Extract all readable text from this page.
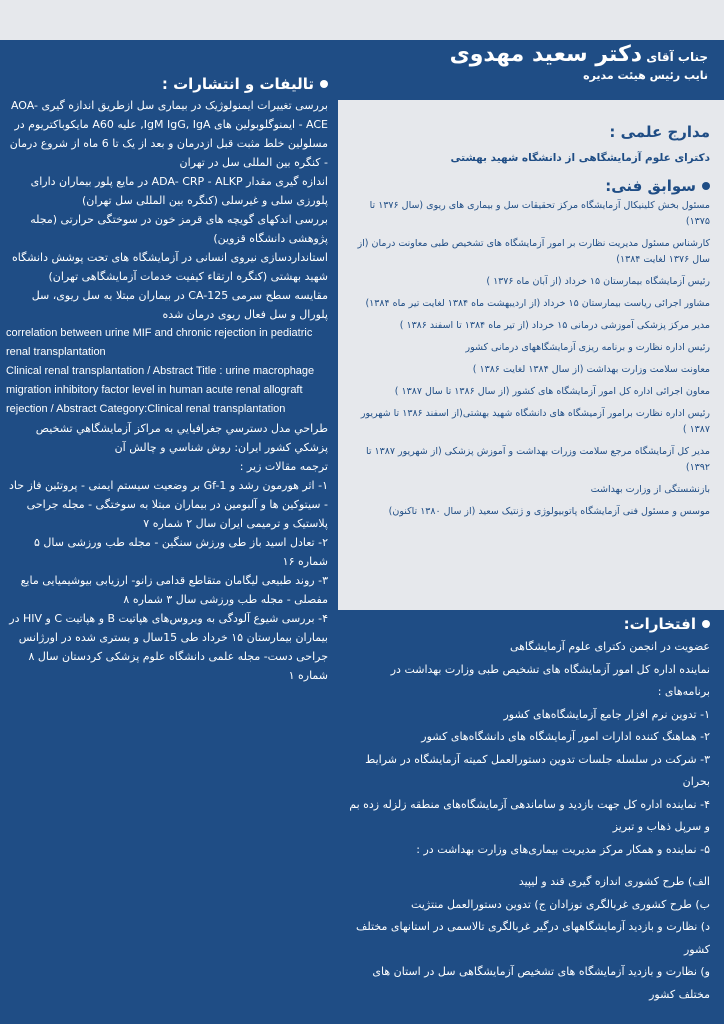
جناب آقای دکتر سعید مهدوی
نایب رئیس هیئت مدیره
تالیفات و انتشارات :

بررسی تغییرات ایمنولوژیک در بیماری سل ازطریق اندازه گیری AOA-ACE - ایمنوگلوبولین های IgM IgG, IgA, علیه A60 مایکوباکتریوم در مسلولین خلط مثبت قبل ازدرمان و بعد از یک تا 6 ماه از شروع درمان - کنگره بین المللی سل در تهران

اندازه گیری مقدار ADA- CRP - ALKP در مایع پلور بیماران دارای پلورزی سلی و غیرسلی (کنگره بین المللی سل تهران)

بررسی اندکهای گویچه های قرمز خون در سوختگی حرارتی (مجله پژوهشی دانشگاه قزوین)

استانداردسازی نیروی انسانی در آزمایشگاه های تحت پوشش دانشگاه شهید بهشتی (کنگره ارتقاء کیفیت خدمات آزمایشگاهی تهران)

مقایسه سطح سرمی CA-125 در بیماران مبتلا به سل ریوی، سل پلورال و سل فعال ریوی درمان شده

correlation between urine MIF and chronic rejection in pediatric renal transplantation

Clinical renal transplantation / Abstract Title : urine macrophage migration inhibitory factor level in human acute renal allograft rejection / Abstract Category:Clinical renal transplantation

طراحي مدل دسترسي جغرافيايي به مراكز آزمايشگاهي تشخيص پزشكي كشور ايران: روش شناسي و چالش آن

ترجمه مقالات زیر :

۱- اثر هورمون رشد و Gf-1 بر وضعیت سیستم ایمنی - پروتئین فاز حاد - سیتوکین ها و آلبومین در بیماران مبتلا به سوختگی - مجله جراحی پلاستیک و ترمیمی ایران سال ۲ شماره ۷

۲- تعادل اسید باز طی ورزش سنگین - مجله طب ورزشی سال ۵ شماره ۱۶

۳- روند طبیعی لیگامان متقاطع قدامی زانو- ارزیابی بیوشیمیایی مایع مفصلی - مجله طب ورزشی سال ۳ شماره ۸

۴- بررسی شیوع آلودگی به ویروس‌های هپاتیت B و هپاتیت C و HIV در بیماران بیمارستان ۱۵ خرداد طی 15سال و بستری شده در اورژانس جراحی دست- مجله علمی دانشگاه علوم پزشکی کردستان سال ۸ شماره ۱

مدارج علمی :
دکترای علوم آزمایشگاهی از دانشگاه شهید بهشتی
سوابق فنی:

مسئول بخش کلینیکال آزمایشگاه مرکز تحقیقات سل و بیماری های ریوی (سال ۱۳۷۶ تا ۱۳۷۵)

کارشناس مسئول مدیریت نظارت بر امور آزمایشگاه های تشخیص طبی معاونت درمان (از سال ۱۳۷۶ لغایت ۱۳۸۴)

رئیس آزمایشگاه بیمارستان ۱۵ خرداد (از آبان ماه ۱۳۷۶ )

مشاور اجرائی ریاست بیمارستان ۱۵ خرداد (از اردیبهشت ماه ۱۳۸۴ لغایت تیر ماه ۱۳۸۴)

مدیر مرکز پزشکی آموزشی درمانی ۱۵ خرداد (از تیر ماه ۱۳۸۴ تا اسفند ۱۳۸۶ )

رئیس اداره نظارت و برنامه ریزی آزمایشگاههای درمانی کشور

معاونت سلامت وزارت بهداشت (از سال ۱۳۸۴ لغایت ۱۳۸۶ )

معاون اجرائی اداره کل امور آزمایشگاه های کشور (از سال ۱۳۸۶ تا سال ۱۳۸۷ )

رئیس اداره نظارت برامور آزمیشگاه های دانشگاه شهید بهشتی(از اسفند ۱۳۸۶ تا شهریور ۱۳۸۷ )

مدیر کل آزمایشگاه مرجع سلامت وزرات بهداشت و آموزش پزشکی (از شهریور ۱۳۸۷ تا ۱۳۹۲)

بازنشستگی از وزارت بهداشت

موسس و مسئول فنی آزمایشگاه پاتوبیولوژی و ژنتیک سعید (از سال ۱۳۸۰ تاکنون)

افتخارات:

عضویت در انجمن دکترای علوم آزمایشگاهی

نماینده اداره کل امور آزمایشگاه های تشخیص طبی وزارت بهداشت در برنامه‌های :

۱- تدوین نرم افزار جامع آزمایشگاه‌های کشور

۲- هماهنگ کننده ادارات امور آزمایشگاه های دانشگاه‌های کشور

۳- شرکت در سلسله جلسات تدوین دستورالعمل کمیته آزمایشگاه در شرایط بحران

۴- نماینده اداره کل جهت بازدید و ساماندهی آزمایشگاه‌های منطقه زلزله زده بم و سرپل ذهاب و تبریز

۵- نماینده و همکار مرکز مدیریت بیماری‌های وزارت بهداشت در :

الف) طرح کشوری اندازه گیری قند و لیپید

ب) طرح کشوری غربالگری نوزادان ج) تدوین دستورالعمل منتژیت

د) نظارت و بازدید آزمایشگاههای درگیر غربالگری تالاسمی در استانهای مختلف کشور

و) نظارت و بازدید آزمایشگاه های تشخیص آزمایشگاهی سل در استان های مختلف کشور
